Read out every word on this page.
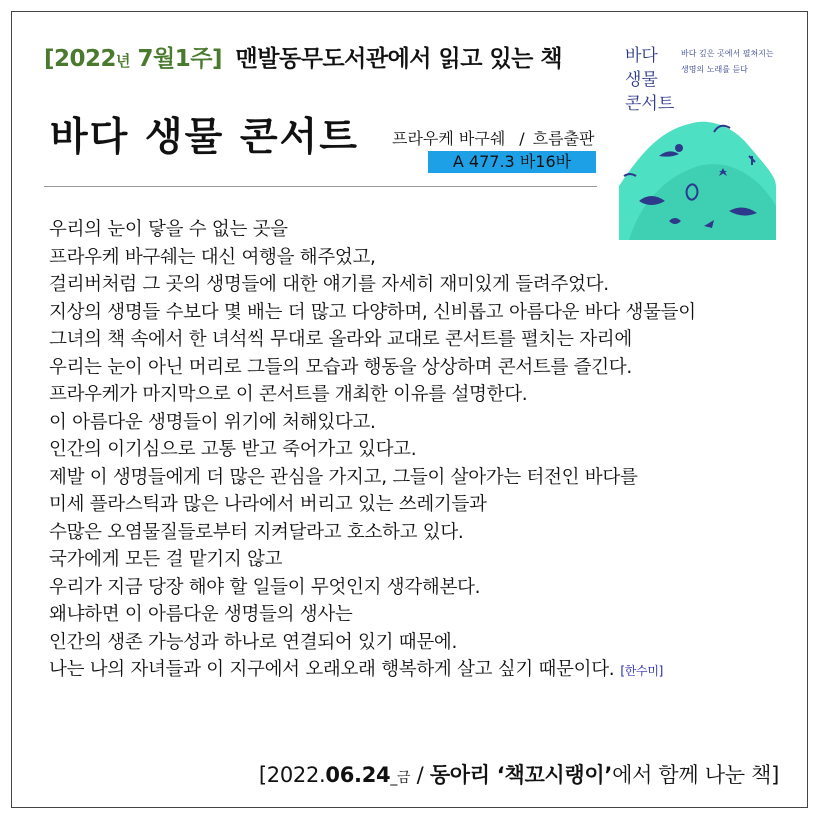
[2022년 7월1주] 맨발동무도서관에서 읽고 있는 책
바다 생물 콘서트 프라우케 바구쉐 / 흐름출판
A 477.3 바16바
바다
생물
콘서트
바다 깊은 곳에서 펼쳐지는
생명의 노래를 듣다
우리의 눈이 닿을 수 없는 곳을
프라우케 바구쉐는 대신 여행을 해주었고,
걸리버처럼 그 곳의 생명들에 대한 얘기를 자세히 재미있게 들려주었다.
지상의 생명들 수보다 몇 배는 더 많고 다양하며, 신비롭고 아름다운 바다 생물들이
그녀의 책 속에서 한 녀석씩 무대로 올라와 교대로 콘서트를 펼치는 자리에
우리는 눈이 아닌 머리로 그들의 모습과 행동을 상상하며 콘서트를 즐긴다.
프라우케가 마지막으로 이 콘서트를 개최한 이유를 설명한다.
이 아름다운 생명들이 위기에 처해있다고.
인간의 이기심으로 고통 받고 죽어가고 있다고.
제발 이 생명들에게 더 많은 관심을 가지고, 그들이 살아가는 터전인 바다를
미세 플라스틱과 많은 나라에서 버리고 있는 쓰레기들과
수많은 오염물질들로부터 지켜달라고 호소하고 있다.
국가에게 모든 걸 맡기지 않고
우리가 지금 당장 해야 할 일들이 무엇인지 생각해본다.
왜냐하면 이 아름다운 생명들의 생사는
인간의 생존 가능성과 하나로 연결되어 있기 때문에.
나는 나의 자녀들과 이 지구에서 오래오래 행복하게 살고 싶기 때문이다. [한수미]
[2022.06.24_금 / 동아리 ‘책꼬시랭이’에서 함께 나눈 책]
